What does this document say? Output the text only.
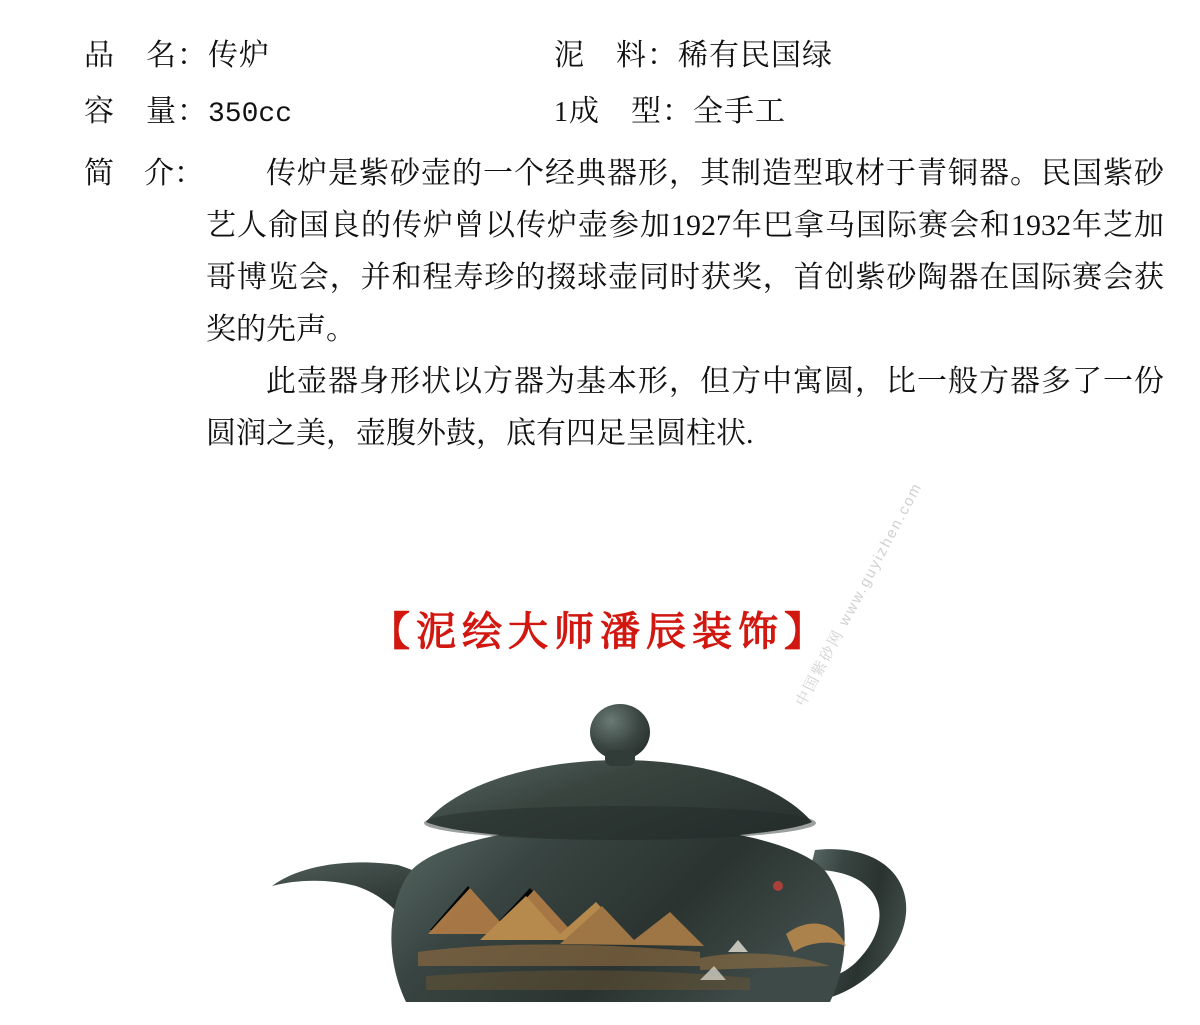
品　名： 传炉	泥　料： 稀有民国绿
容　量： 350cc	1 成　型： 全手工
简　介：	传炉是紫砂壶的一个经典器形，其制造型取材于青铜器。民国紫砂艺人俞国良的传炉曾以传炉壶参加1927年巴拿马国际赛会和1932年芝加哥博览会，并和程寿珍的掇球壶同时获奖，首创紫砂陶器在国际赛会获奖的先声。

此壶器身形状以方器为基本形，但方中寓圆，比一般方器多了一份圆润之美，壶腹外鼓，底有四足呈圆柱状.

【泥绘大师潘辰装饰】
中国紫砂网 www.guyizhen.com
